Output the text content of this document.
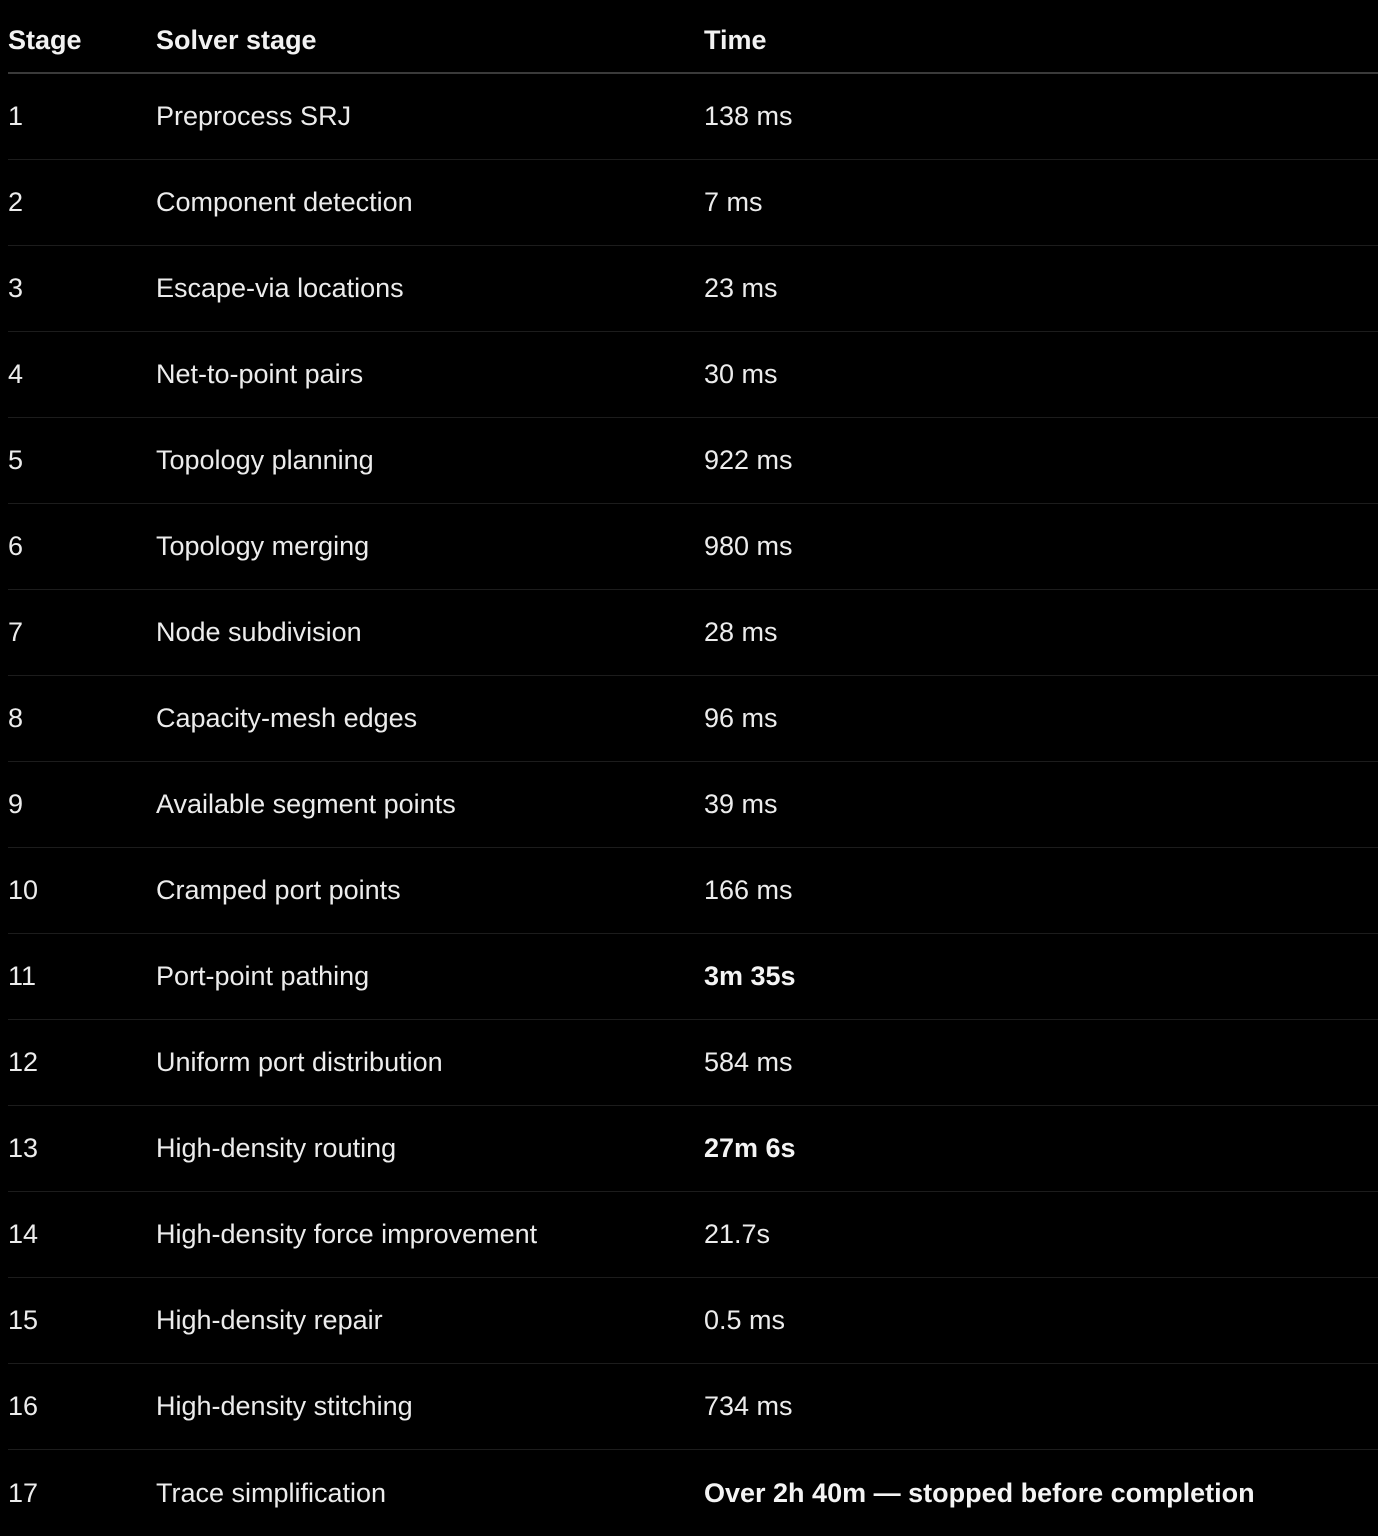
Stage	Solver stage	Time
1	Preprocess SRJ	138 ms
2	Component detection	7 ms
3	Escape-via locations	23 ms
4	Net-to-point pairs	30 ms
5	Topology planning	922 ms
6	Topology merging	980 ms
7	Node subdivision	28 ms
8	Capacity-mesh edges	96 ms
9	Available segment points	39 ms
10	Cramped port points	166 ms
11	Port-point pathing	3m 35s
12	Uniform port distribution	584 ms
13	High-density routing	27m 6s
14	High-density force improvement	21.7s
15	High-density repair	0.5 ms
16	High-density stitching	734 ms
17	Trace simplification	Over 2h 40m — stopped before completion
